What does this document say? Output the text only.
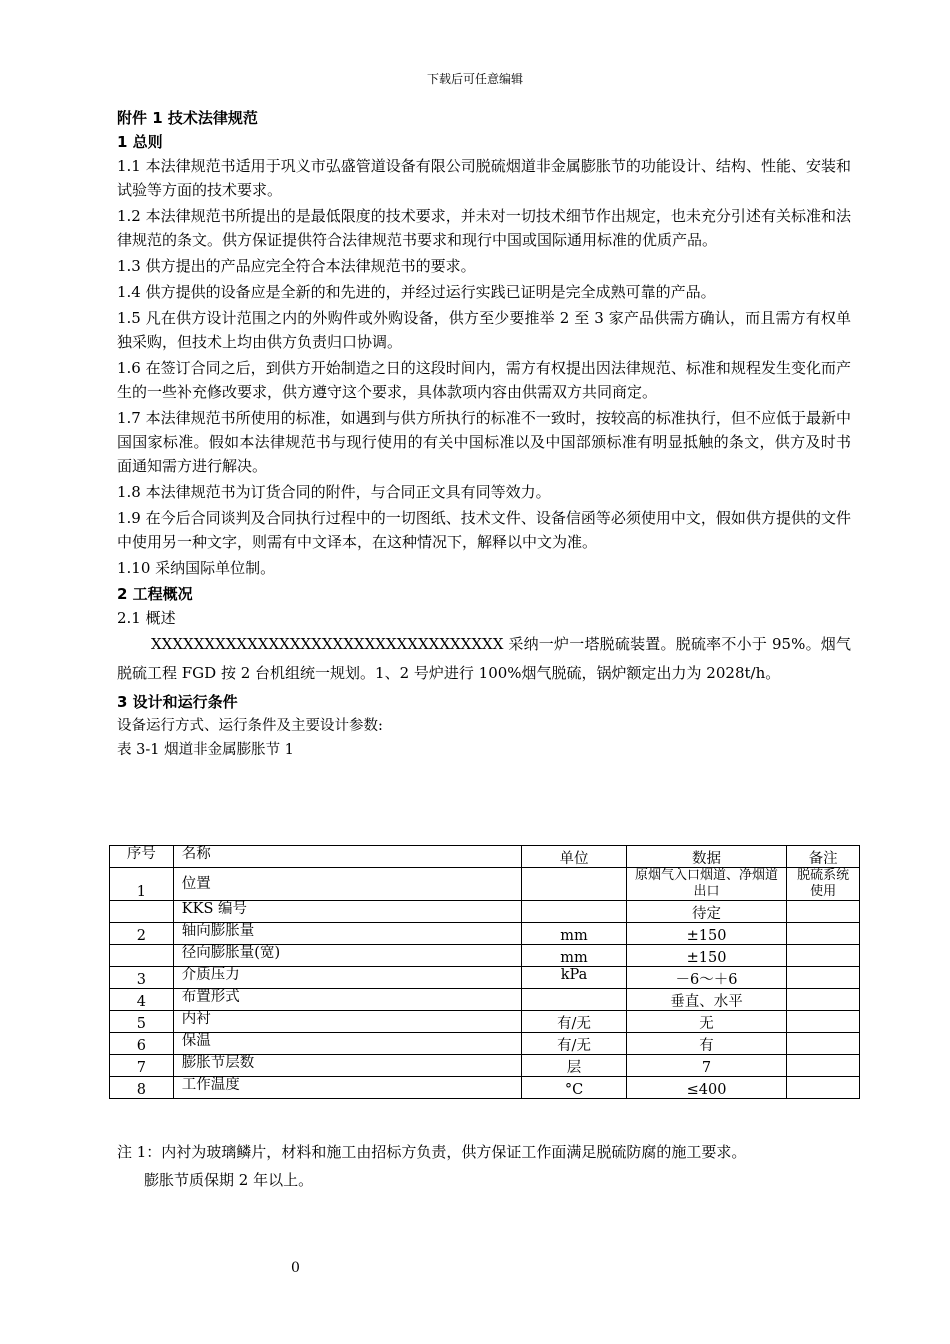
下载后可任意编辑

附件 1 技术法律规范

1 总则

1.1 本法律规范书适用于巩义市弘盛管道设备有限公司脱硫烟道非金属膨胀节的功能设计、结构、性能、安装和试验等方面的技术要求。

1.2 本法律规范书所提出的是最低限度的技术要求，并未对一切技术细节作出规定，也未充分引述有关标准和法律规范的条文。供方保证提供符合法律规范书要求和现行中国或国际通用标准的优质产品。

1.3 供方提出的产品应完全符合本法律规范书的要求。

1.4 供方提供的设备应是全新的和先进的，并经过运行实践已证明是完全成熟可靠的产品。

1.5 凡在供方设计范围之内的外购件或外购设备，供方至少要推举 2 至 3 家产品供需方确认，而且需方有权单独采购，但技术上均由供方负责归口协调。

1.6 在签订合同之后，到供方开始制造之日的这段时间内，需方有权提出因法律规范、标准和规程发生变化而产生的一些补充修改要求，供方遵守这个要求，具体款项内容由供需双方共同商定。

1.7 本法律规范书所使用的标准，如遇到与供方所执行的标准不一致时，按较高的标准执行，但不应低于最新中国国家标准。假如本法律规范书与现行使用的有关中国标准以及中国部颁标准有明显抵触的条文，供方及时书面通知需方进行解决。

1.8 本法律规范书为订货合同的附件，与合同正文具有同等效力。

1.9 在今后合同谈判及合同执行过程中的一切图纸、技术文件、设备信函等必须使用中文，假如供方提供的文件中使用另一种文字，则需有中文译本，在这种情况下，解释以中文为准。

1.10 采纳国际单位制。

2 工程概况

2.1 概述

XXXXXXXXXXXXXXXXXXXXXXXXXXXXXXXXX 采纳一炉一塔脱硫装置。脱硫率不小于 95%。烟气脱硫工程 FGD 按 2 台机组统一规划。1、2 号炉进行 100%烟气脱硫，锅炉额定出力为 2028t/h。

3 设计和运行条件

设备运行方式、运行条件及主要设计参数:

表 3-1 烟道非金属膨胀节 1

序号	名称	单位	数据	备注
1	位置		原烟气入口烟道、净烟道出口	脱硫系统使用
	KKS 编号		待定	
2	轴向膨胀量	mm	±150	
	径向膨胀量(宽)	mm	±150	
3	介质压力	kPa	－6～＋6	
4	布置形式		垂直、水平	
5	内衬	有/无	无	
6	保温	有/无	有	
7	膨胀节层数	层	7	
8	工作温度	°C	≤400	
注 1：内衬为玻璃鳞片，材料和施工由招标方负责，供方保证工作面满足脱硫防腐的施工要求。
膨胀节质保期 2 年以上。
0
